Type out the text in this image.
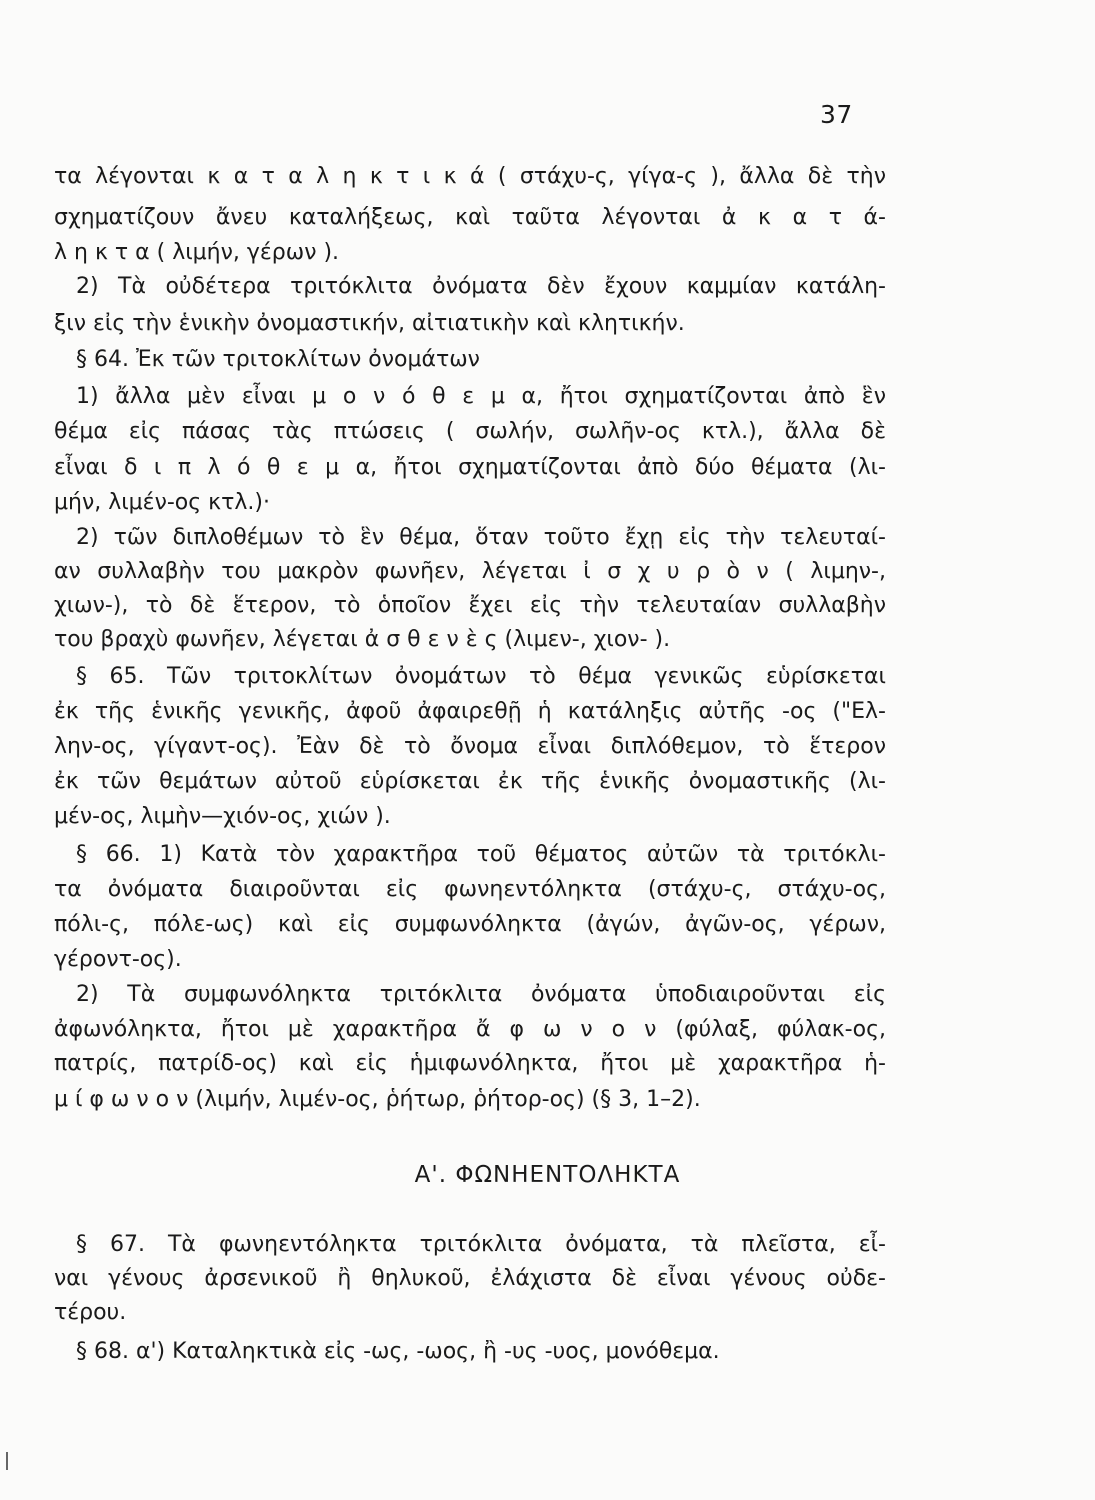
37
τα λέγονται κ α τ α λ η κ τ ι κ ά ( στάχυ-ς, γίγα-ς ), ἄλλα δὲ τὴν
σχηματίζουν ἄνευ καταλήξεως, καὶ ταῦτα λέγονται ἀ κ α τ ά-
λ η κ τ α ( λιμήν, γέρων ).
2) Τὰ οὐδέτερα τριτόκλιτα ὀνόματα δὲν ἔχουν καμμίαν κατάλη-
ξιν εἰς τὴν ἑνικὴν ὀνομαστικήν, αἰτιατικὴν καὶ κλητικήν.
§ 64. Ἐκ τῶν τριτοκλίτων ὀνομάτων
1) ἄλλα μὲν εἶναι μ ο ν ό θ ε μ α, ἤτοι σχηματίζονται ἀπὸ ἓν
θέμα εἰς πάσας τὰς πτώσεις ( σωλήν, σωλῆν-ος κτλ.), ἄλλα δὲ
εἶναι δ ι π λ ό θ ε μ α, ἤτοι σχηματίζονται ἀπὸ δύο θέματα (λι-
μήν, λιμέν-ος κτλ.)·
2) τῶν διπλοθέμων τὸ ἓν θέμα, ὅταν τοῦτο ἔχῃ εἰς τὴν τελευταί-
αν συλλαβὴν του μακρὸν φωνῆεν, λέγεται ἰ σ χ υ ρ ὸ ν ( λιμην-,
χιων-), τὸ δὲ ἕτερον, τὸ ὁποῖον ἔχει εἰς τὴν τελευταίαν συλλαβὴν
του βραχὺ φωνῆεν, λέγεται ἀ σ θ ε ν ὲ ς (λιμεν-, χιον- ).
§ 65. Τῶν τριτοκλίτων ὀνομάτων τὸ θέμα γενικῶς εὑρίσκεται
ἐκ τῆς ἑνικῆς γενικῆς, ἀφοῦ ἀφαιρεθῇ ἡ κατάληξις αὐτῆς -ος ("Ελ-
λην-ος, γίγαντ-ος). Ἐὰν δὲ τὸ ὄνομα εἶναι διπλόθεμον, τὸ ἕτερον
ἐκ τῶν θεμάτων αὐτοῦ εὑρίσκεται ἐκ τῆς ἑνικῆς ὀνομαστικῆς (λι-
μέν-ος, λιμὴν—χιόν-ος, χιών ).
§ 66. 1) Κατὰ τὸν χαρακτῆρα τοῦ θέματος αὐτῶν τὰ τριτόκλι-
τα ὀνόματα διαιροῦνται εἰς φωνηεντόληκτα (στάχυ-ς, στάχυ-ος,
πόλι-ς, πόλε-ως) καὶ εἰς συμφωνόληκτα (ἀγών, ἀγῶν-ος, γέρων,
γέροντ-ος).
2) Τὰ συμφωνόληκτα τριτόκλιτα ὀνόματα ὑποδιαιροῦνται εἰς
ἀφωνόληκτα, ἤτοι μὲ χαρακτῆρα ἄ φ ω ν ο ν (φύλαξ, φύλακ-ος,
πατρίς, πατρίδ-ος) καὶ εἰς ἡμιφωνόληκτα, ἤτοι μὲ χαρακτῆρα ἡ-
μ ί φ ω ν ο ν (λιμήν, λιμέν-ος, ῥήτωρ, ῥήτορ-ος) (§ 3, 1–2).
Α'. ΦΩΝΗΕΝΤΟΛΗΚΤΑ
§ 67. Τὰ φωνηεντόληκτα τριτόκλιτα ὀνόματα, τὰ πλεῖστα, εἶ-
ναι γένους ἀρσενικοῦ ἢ θηλυκοῦ, ἐλάχιστα δὲ εἶναι γένους οὐδε-
τέρου.
§ 68. α') Καταληκτικὰ εἰς -ως, -ωος, ἢ -υς -υος, μονόθεμα.
